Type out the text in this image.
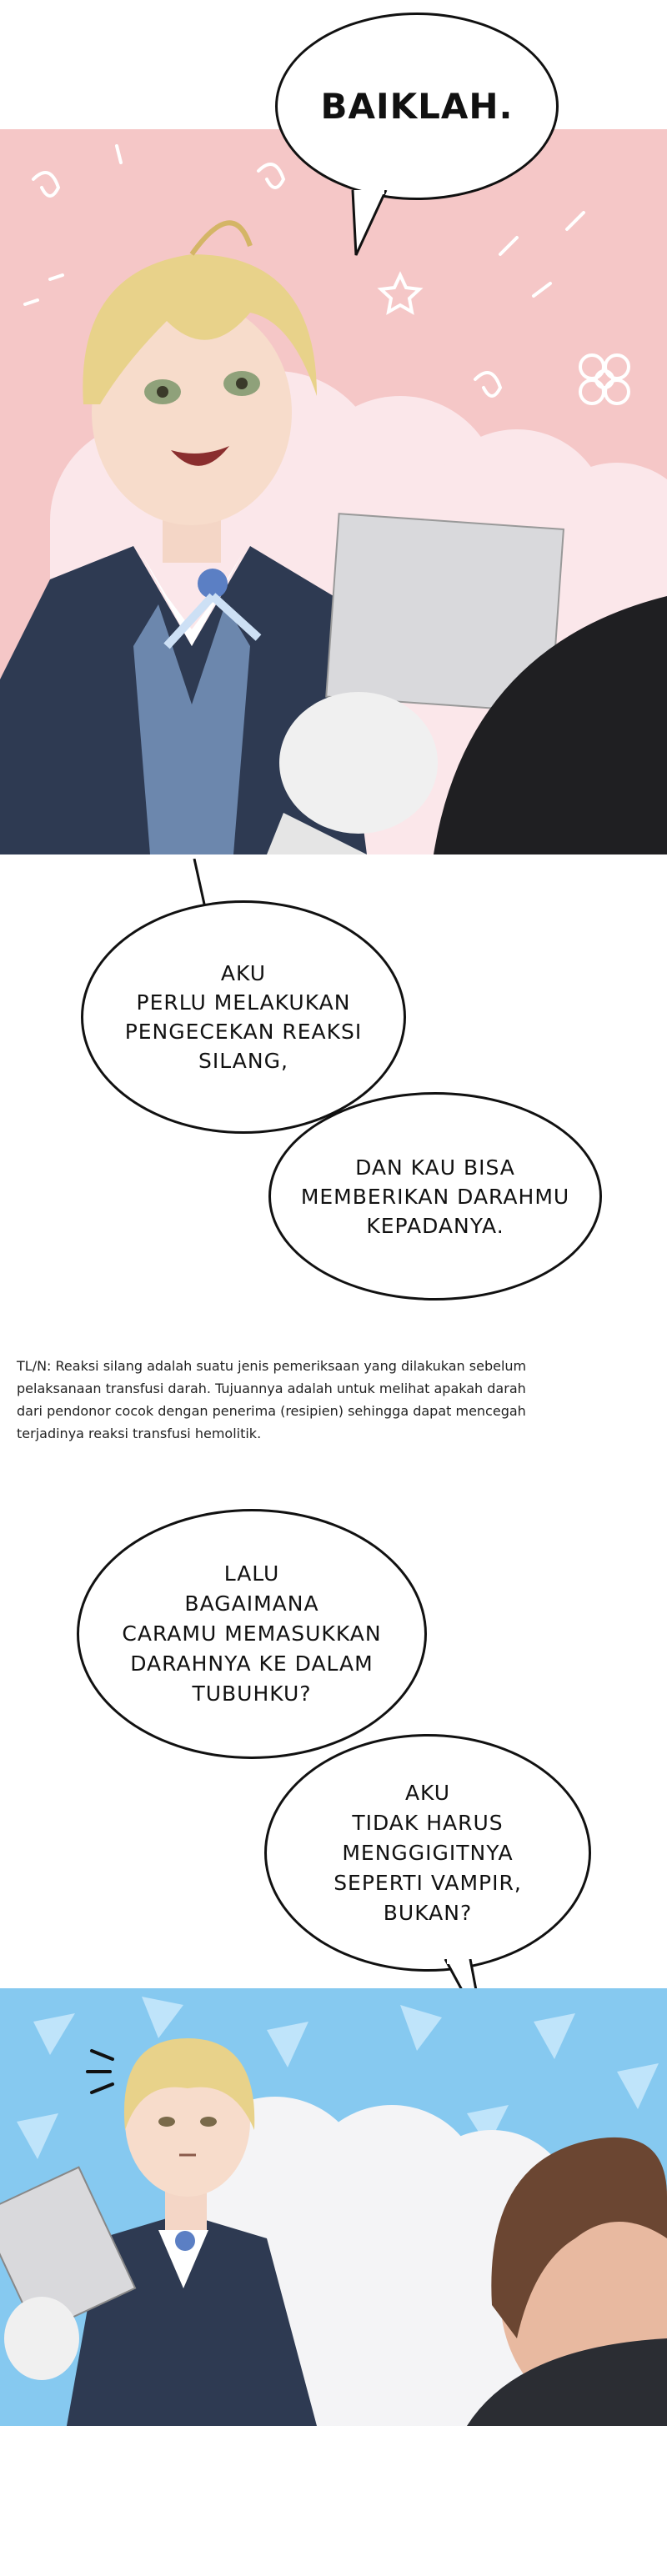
BAIKLAH.
AKU
PERLU MELAKUKAN
PENGECEKAN REAKSI
SILANG,
DAN KAU BISA
MEMBERIKAN DARAHMU
KEPADANYA.
TL/N: Reaksi silang adalah suatu jenis pemeriksaan yang dilakukan sebelum
pelaksanaan transfusi darah. Tujuannya adalah untuk melihat apakah darah
dari pendonor cocok dengan penerima (resipien) sehingga dapat mencegah
terjadinya reaksi transfusi hemolitik.
LALU
BAGAIMANA
CARAMU MEMASUKKAN
DARAHNYA KE DALAM
TUBUHKU?
AKU
TIDAK HARUS
MENGGIGITNYA
SEPERTI VAMPIR,
BUKAN?
